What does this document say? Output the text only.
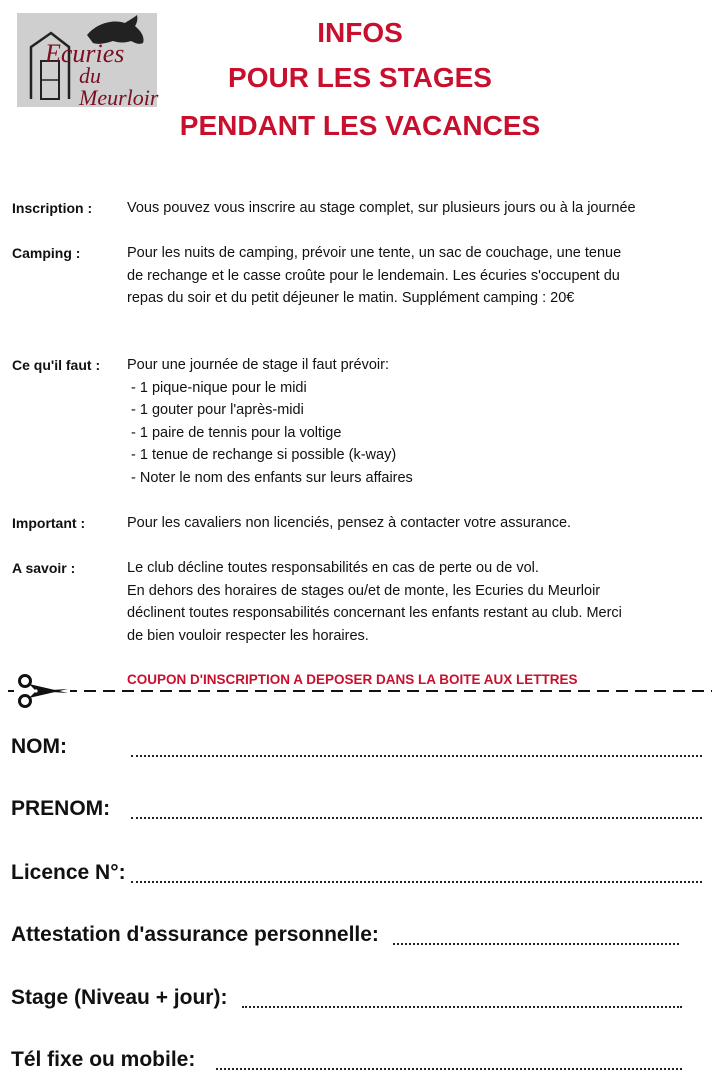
Ecuries
du Meurloir
INFOS
POUR LES STAGES
PENDANT LES VACANCES
Inscription : Vous pouvez vous inscrire au stage complet, sur plusieurs jours ou à la journée
Camping :	Pour les nuits de camping, prévoir une tente, un sac de couchage, une tenue
de rechange et le casse croûte pour le lendemain. Les écuries s'occupent du
repas du soir et du petit déjeuner le matin. Supplément camping : 20€
Ce qu'il faut : Pour une journée de stage il faut prévoir:
- 1 pique-nique pour le midi
- 1 gouter pour l'après-midi
- 1 paire de tennis pour la voltige
- 1 tenue de rechange si possible (k-way)
- Noter le nom des enfants sur leurs affaires
Important :	Pour les cavaliers non licenciés, pensez à contacter votre assurance.
A savoir :	Le club décline toutes responsabilités en cas de perte ou de vol.
En dehors des horaires de stages ou/et de monte, les Ecuries du Meurloir
déclinent toutes responsabilités concernant les enfants restant au club. Merci
de bien vouloir respecter les horaires.
COUPON D'INSCRIPTION A DEPOSER DANS LA BOITE AUX LETTRES
NOM:
PRENOM:
Licence N°:
Attestation d'assurance personnelle:
Stage (Niveau + jour):
Tél fixe ou mobile:
